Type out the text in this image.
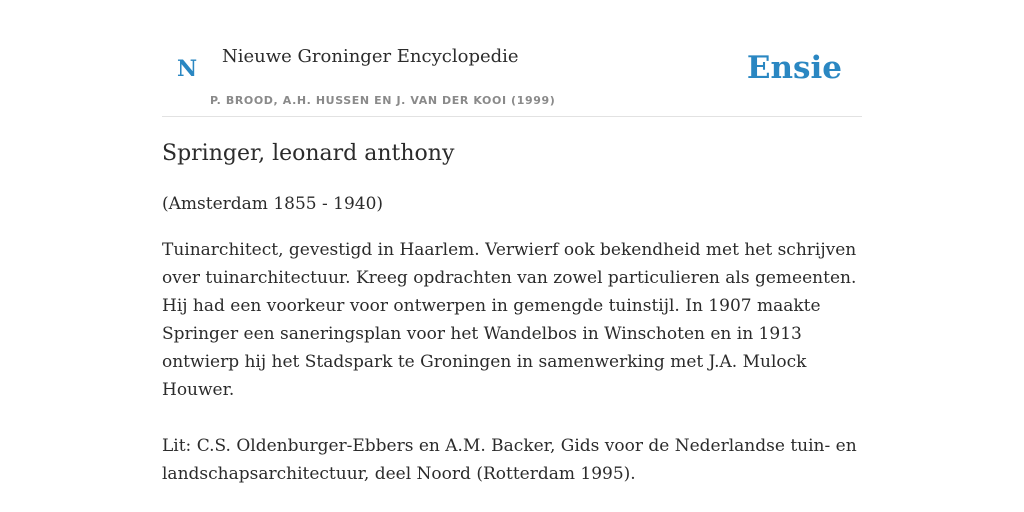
N Nieuwe Groninger Encyclopedie
P. BROOD, A.H. HUSSEN EN J. VAN DER KOOI (1999)
Ensie
Springer, leonard anthony
(Amsterdam 1855 - 1940)
Tuinarchitect, gevestigd in Haarlem. Verwierf ook bekendheid met het schrijven over tuinarchitectuur. Kreeg opdrachten van zowel particulieren als gemeenten. Hij had een voorkeur voor ontwerpen in gemengde tuinstijl. In 1907 maakte Springer een saneringsplan voor het Wandelbos in Winschoten en in 1913 ontwierp hij het Stadspark te Groningen in samenwerking met J.A. Mulock Houwer.
Lit: C.S. Oldenburger-Ebbers en A.M. Backer, Gids voor de Nederlandse tuin- en landschapsarchitectuur, deel Noord (Rotterdam 1995).
